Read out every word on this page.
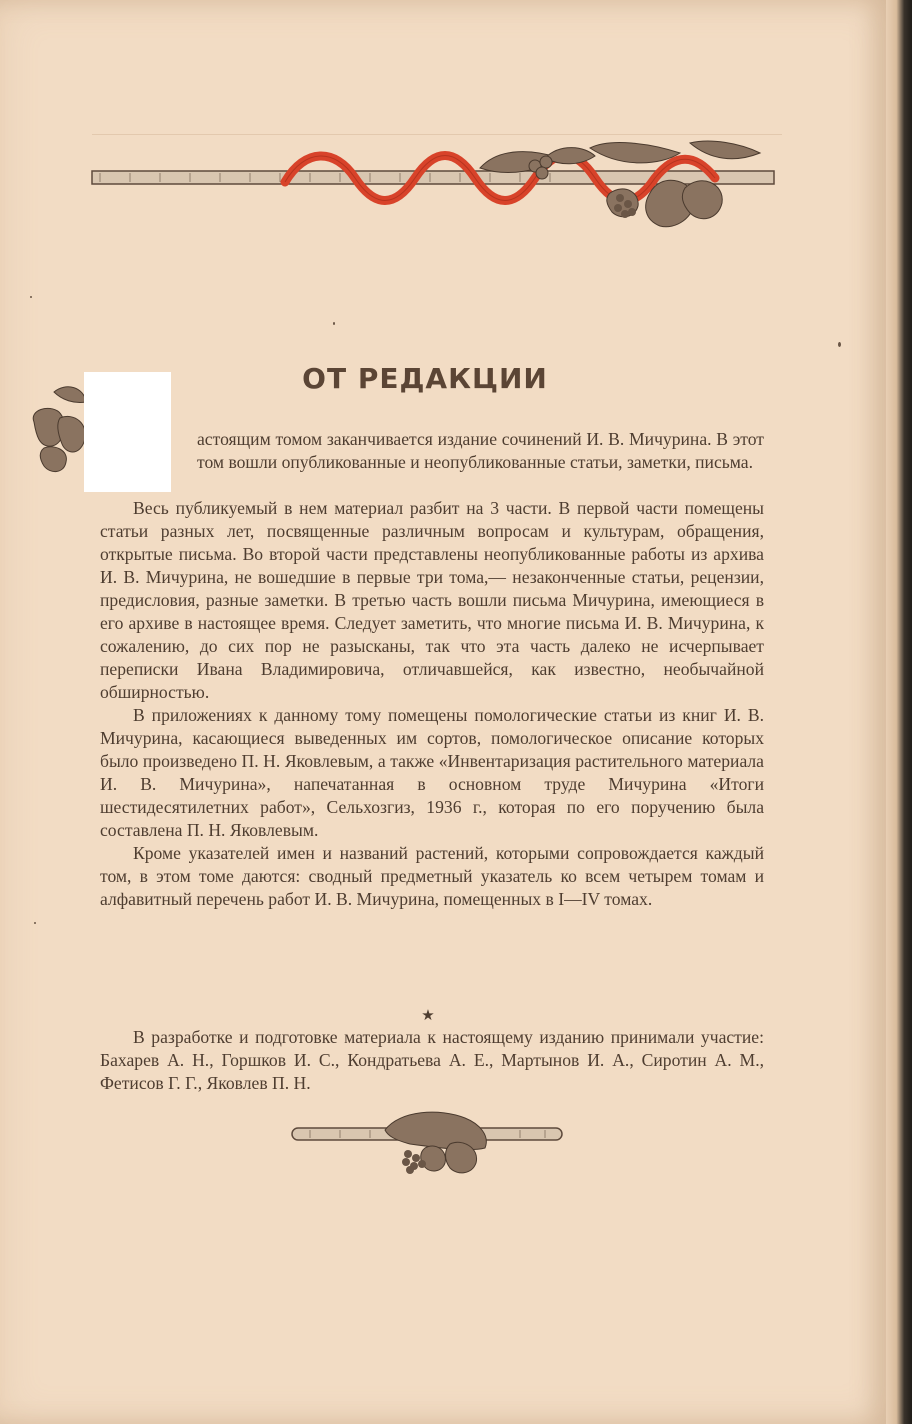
ОТ РЕДАКЦИИ
астоящим томом заканчивается издание сочинений И. В. Мичурина. В этот том вошли опубликованные и неопубликованные статьи, заметки, письма.

Весь публикуемый в нем материал разбит на 3 части. В первой части помещены статьи разных лет, посвященные различным вопросам и культурам, обращения, открытые письма. Во второй части представлены неопубликованные работы из архива И. В. Мичурина, не вошедшие в первые три тома,— незаконченные статьи, рецензии, предисловия, разные заметки. В третью часть вошли письма Мичурина, имеющиеся в его архиве в настоящее время. Следует заметить, что многие письма И. В. Мичурина, к сожалению, до сих пор не разысканы, так что эта часть далеко не исчерпывает переписки Ивана Владимировича, отличавшейся, как известно, необычайной обширностью.

В приложениях к данному тому помещены помологические статьи из книг И. В. Мичурина, касающиеся выведенных им сортов, помологическое описание которых было произведено П. Н. Яковлевым, а также «Инвентаризация растительного материала И. В. Мичурина», напечатанная в основном труде Мичурина «Итоги шестидесятилетних работ», Сельхозгиз, 1936 г., которая по его поручению была составлена П. Н. Яковлевым.

Кроме указателей имен и названий растений, которыми сопровождается каждый том, в этом томе даются: сводный предметный указатель ко всем четырем томам и алфавитный перечень работ И. В. Мичурина, помещенных в I—IV томах.

★

В разработке и подготовке материала к настоящему изданию принимали участие: Бахарев А. Н., Горшков И. С., Кондратьева А. Е., Мартынов И. А., Сиротин А. М., Фетисов Г. Г., Яковлев П. Н.
